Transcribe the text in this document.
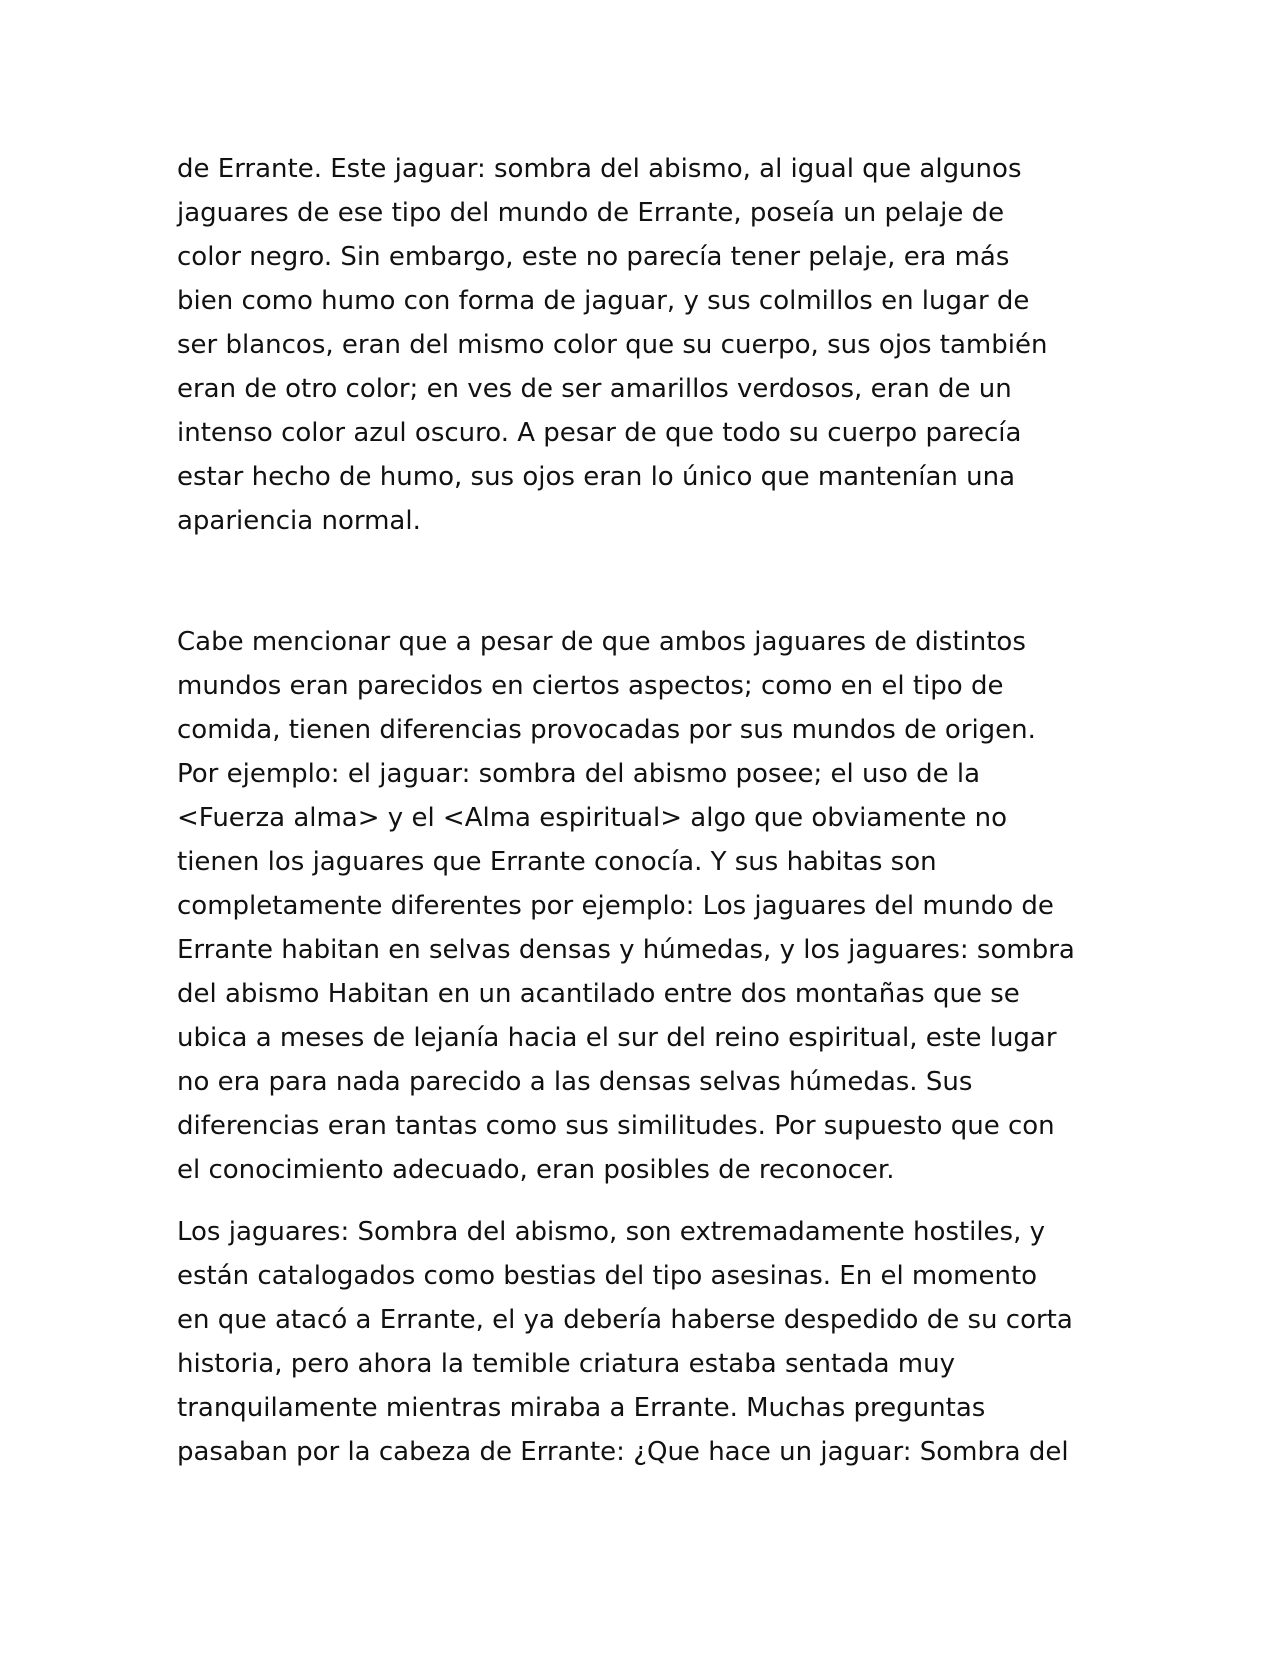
de Errante. Este jaguar: sombra del abismo, al igual que algunos
jaguares de ese tipo del mundo de Errante, poseía un pelaje de
color negro. Sin embargo, este no parecía tener pelaje, era más
bien como humo con forma de jaguar, y sus colmillos en lugar de
ser blancos, eran del mismo color que su cuerpo, sus ojos también
eran de otro color; en ves de ser amarillos verdosos, eran de un
intenso color azul oscuro. A pesar de que todo su cuerpo parecía
estar hecho de humo, sus ojos eran lo único que mantenían una
apariencia normal.
Cabe mencionar que a pesar de que ambos jaguares de distintos
mundos eran parecidos en ciertos aspectos; como en el tipo de
comida, tienen diferencias provocadas por sus mundos de origen.
Por ejemplo: el jaguar: sombra del abismo posee; el uso de la
<Fuerza alma> y el <Alma espiritual> algo que obviamente no
tienen los jaguares que Errante conocía. Y sus habitas son
completamente diferentes por ejemplo: Los jaguares del mundo de
Errante habitan en selvas densas y húmedas, y los jaguares: sombra
del abismo Habitan en un acantilado entre dos montañas que se
ubica a meses de lejanía hacia el sur del reino espiritual, este lugar
no era para nada parecido a las densas selvas húmedas. Sus
diferencias eran tantas como sus similitudes. Por supuesto que con
el conocimiento adecuado, eran posibles de reconocer.
Los jaguares: Sombra del abismo, son extremadamente hostiles, y
están catalogados como bestias del tipo asesinas. En el momento
en que atacó a Errante, el ya debería haberse despedido de su corta
historia, pero ahora la temible criatura estaba sentada muy
tranquilamente mientras miraba a Errante. Muchas preguntas
pasaban por la cabeza de Errante: ¿Que hace un jaguar: Sombra del
